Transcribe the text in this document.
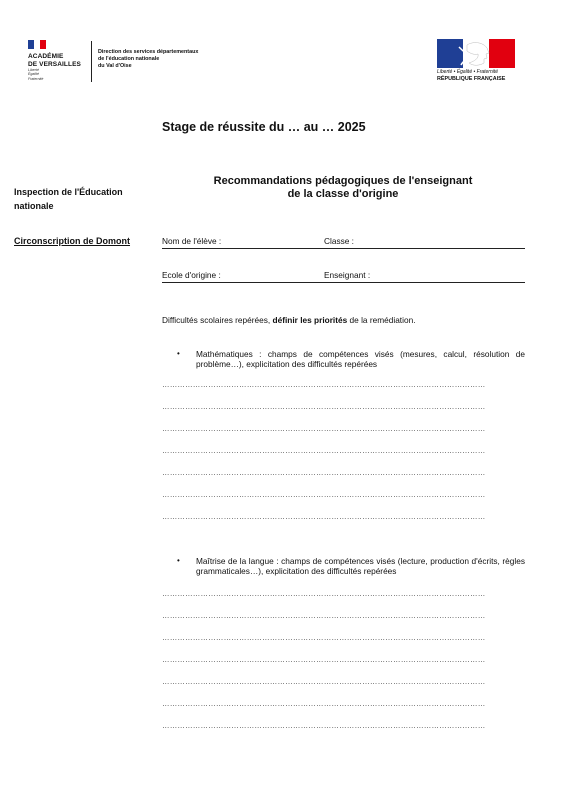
ACADÉMIE
DE VERSAILLES
Liberté
Égalité
Fraternité
Direction des services départementaux
de l'éducation nationale
du Val d'Oise
Liberté • Égalité • Fraternité
RÉPUBLIQUE FRANÇAISE
Stage de réussite du … au … 2025
Inspection de l'Éducation
nationale
Circonscription de Domont
Recommandations pédagogiques de l'enseignant
de la classe d'origine
Nom de l'élève :	Classe :
Ecole d'origine :	Enseignant :
Difficultés scolaires repérées, définir les priorités de la remédiation.
• Mathématiques : champs de compétences visés (mesures, calcul, résolution de problème…), explicitation des difficultés repérées
………………………………………………………………………………………………………………
………………………………………………………………………………………………………………
………………………………………………………………………………………………………………
………………………………………………………………………………………………………………
………………………………………………………………………………………………………………
………………………………………………………………………………………………………………
………………………………………………………………………………………………………………
• Maîtrise de la langue : champs de compétences visés (lecture, production d'écrits, règles grammaticales…), explicitation des difficultés repérées
………………………………………………………………………………………………………………
………………………………………………………………………………………………………………
………………………………………………………………………………………………………………
………………………………………………………………………………………………………………
………………………………………………………………………………………………………………
………………………………………………………………………………………………………………
………………………………………………………………………………………………………………
